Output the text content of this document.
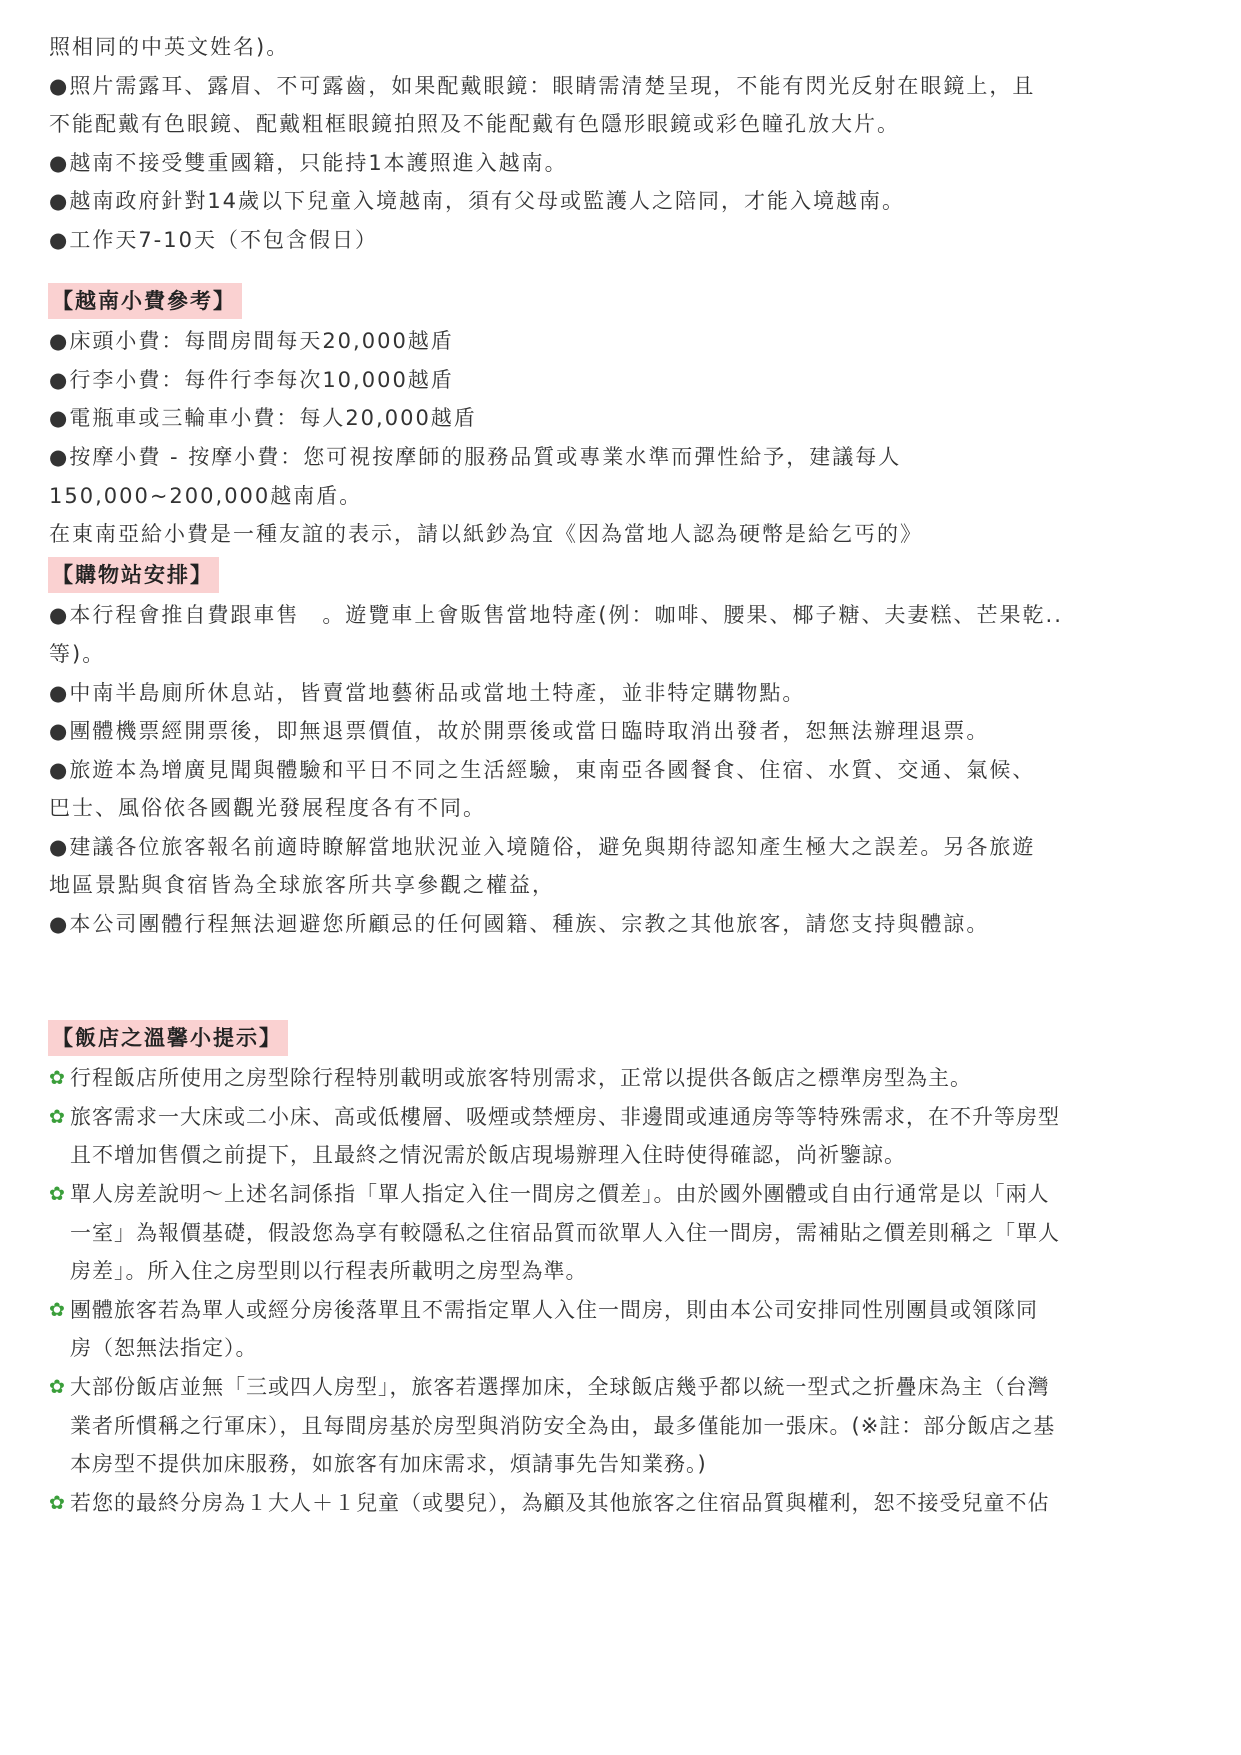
照相同的中英文姓名)。
●照片需露耳、露眉、不可露齒，如果配戴眼鏡：眼睛需清楚呈現，不能有閃光反射在眼鏡上，且
不能配戴有色眼鏡、配戴粗框眼鏡拍照及不能配戴有色隱形眼鏡或彩色瞳孔放大片。
●越南不接受雙重國籍，只能持1本護照進入越南。
●越南政府針對14歲以下兒童入境越南，須有父母或監護人之陪同，才能入境越南。
●工作天7-10天（不包含假日）
【越南小費參考】
●床頭小費：每間房間每天20,000越盾
●行李小費：每件行李每次10,000越盾
●電瓶車或三輪車小費：每人20,000越盾
●按摩小費 - 按摩小費：您可視按摩師的服務品質或專業水準而彈性給予，建議每人
150,000~200,000越南盾。
在東南亞給小費是一種友誼的表示，請以紙鈔為宜《因為當地人認為硬幣是給乞丐的》
【購物站安排】
●本行程會推自費跟車售　。遊覽車上會販售當地特產(例：咖啡、腰果、椰子糖、夫妻糕、芒果乾..
等)。
●中南半島廁所休息站，皆賣當地藝術品或當地土特產，並非特定購物點。
●團體機票經開票後，即無退票價值，故於開票後或當日臨時取消出發者，恕無法辦理退票。
●旅遊本為增廣見聞與體驗和平日不同之生活經驗，東南亞各國餐食、住宿、水質、交通、氣候、
巴士、風俗依各國觀光發展程度各有不同。
●建議各位旅客報名前適時瞭解當地狀況並入境隨俗，避免與期待認知產生極大之誤差。另各旅遊
地區景點與食宿皆為全球旅客所共享參觀之權益，
●本公司團體行程無法迴避您所顧忌的任何國籍、種族、宗教之其他旅客，請您支持與體諒。
【飯店之溫馨小提示】
✿
行程飯店所使用之房型除行程特別載明或旅客特別需求，正常以提供各飯店之標準房型為主。
✿
旅客需求一大床或二小床、高或低樓層、吸煙或禁煙房、非邊間或連通房等等特殊需求，在不升等房型
且不增加售價之前提下，且最終之情況需於飯店現場辦理入住時使得確認，尚祈鑒諒。
✿
單人房差說明～上述名詞係指「單人指定入住一間房之價差」。由於國外團體或自由行通常是以「兩人
一室」為報價基礎，假設您為享有較隱私之住宿品質而欲單人入住一間房，需補貼之價差則稱之「單人
房差」。所入住之房型則以行程表所載明之房型為準。
✿
團體旅客若為單人或經分房後落單且不需指定單人入住一間房，則由本公司安排同性別團員或領隊同
房（恕無法指定）。
✿
大部份飯店並無「三或四人房型」，旅客若選擇加床，全球飯店幾乎都以統一型式之折疊床為主（台灣
業者所慣稱之行軍床），且每間房基於房型與消防安全為由，最多僅能加一張床。(※註：部分飯店之基
本房型不提供加床服務，如旅客有加床需求，煩請事先告知業務。)
✿
若您的最終分房為１大人＋１兒童（或嬰兒），為顧及其他旅客之住宿品質與權利，恕不接受兒童不佔
